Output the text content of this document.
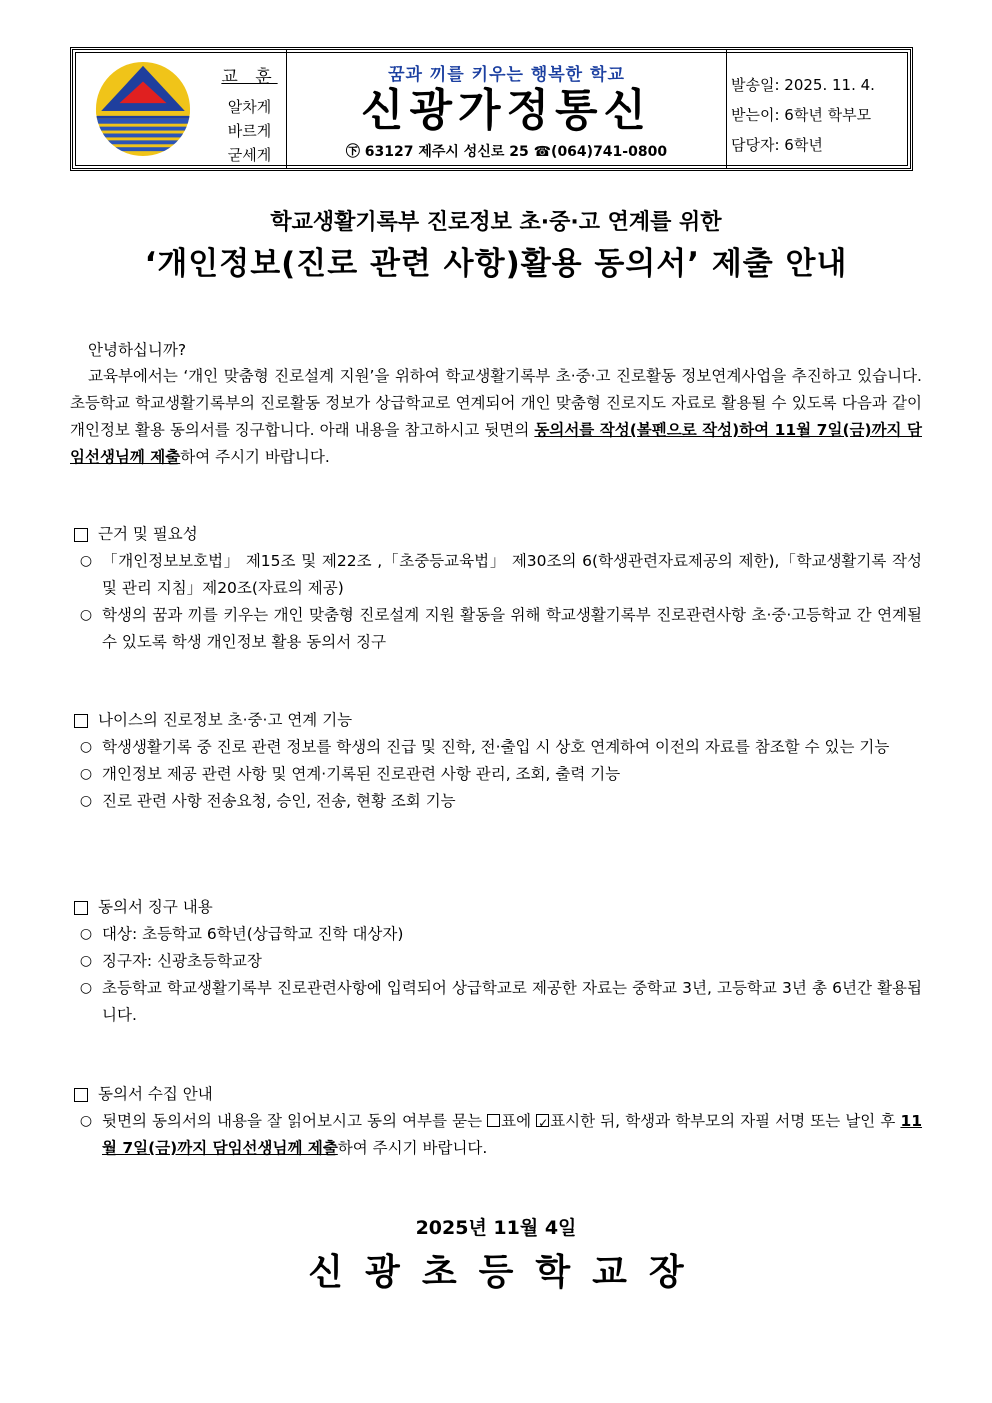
교 훈
알차게
바르게
굳세게
꿈과 끼를 키우는 행복한 학교
신광가정통신
㊦ 63127 제주시 성신로 25 ☎(064)741-0800
발송일: 2025. 11. 4.
받는이: 6학년 학부모
담당자: 6학년
학교생활기록부 진로정보 초·중·고 연계를 위한
‘개인정보(진로 관련 사항)활용 동의서’ 제출 안내
안녕하십니까?
교육부에서는 ‘개인 맞춤형 진로설계 지원’을 위하여 학교생활기록부 초·중·고 진로활동 정보연계사업을 추진하고 있습니다. 초등학교 학교생활기록부의 진로활동 정보가 상급학교로 연계되어 개인 맞춤형 진로지도 자료로 활용될 수 있도록 다음과 같이 개인정보 활용 동의서를 징구합니다. 아래 내용을 참고하시고 뒷면의 동의서를 작성(볼펜으로 작성)하여 11월 7일(금)까지 담임선생님께 제출하여 주시기 바랍니다.
근거 및 필요성
○ 「개인정보보호법」 제15조 및 제22조 ,「초중등교육법」 제30조의 6(학생관련자료제공의 제한),「학교생활기록 작성 및 관리 지침」제20조(자료의 제공)
○ 학생의 꿈과 끼를 키우는 개인 맞춤형 진로설계 지원 활동을 위해 학교생활기록부 진로관련사항 초·중·고등학교 간 연계될 수 있도록 학생 개인정보 활용 동의서 징구
나이스의 진로정보 초·중·고 연계 기능
○ 학생생활기록 중 진로 관련 정보를 학생의 진급 및 진학, 전·출입 시 상호 연계하여 이전의 자료를 참조할 수 있는 기능
○ 개인정보 제공 관련 사항 및 연계·기록된 진로관련 사항 관리, 조회, 출력 기능
○ 진로 관련 사항 전송요청, 승인, 전송, 현황 조회 기능
동의서 징구 내용
○ 대상: 초등학교 6학년(상급학교 진학 대상자)
○ 징구자: 신광초등학교장
○ 초등학교 학교생활기록부 진로관련사항에 입력되어 상급학교로 제공한 자료는 중학교 3년, 고등학교 3년 총 6년간 활용됩니다.
동의서 수집 안내
○ 뒷면의 동의서의 내용을 잘 읽어보시고 동의 여부를 묻는 표에 ✓표시한 뒤, 학생과 학부모의 자필 서명 또는 날인 후 11월 7일(금)까지 담임선생님께 제출하여 주시기 바랍니다.
2025년 11월 4일
신광초등학교장
